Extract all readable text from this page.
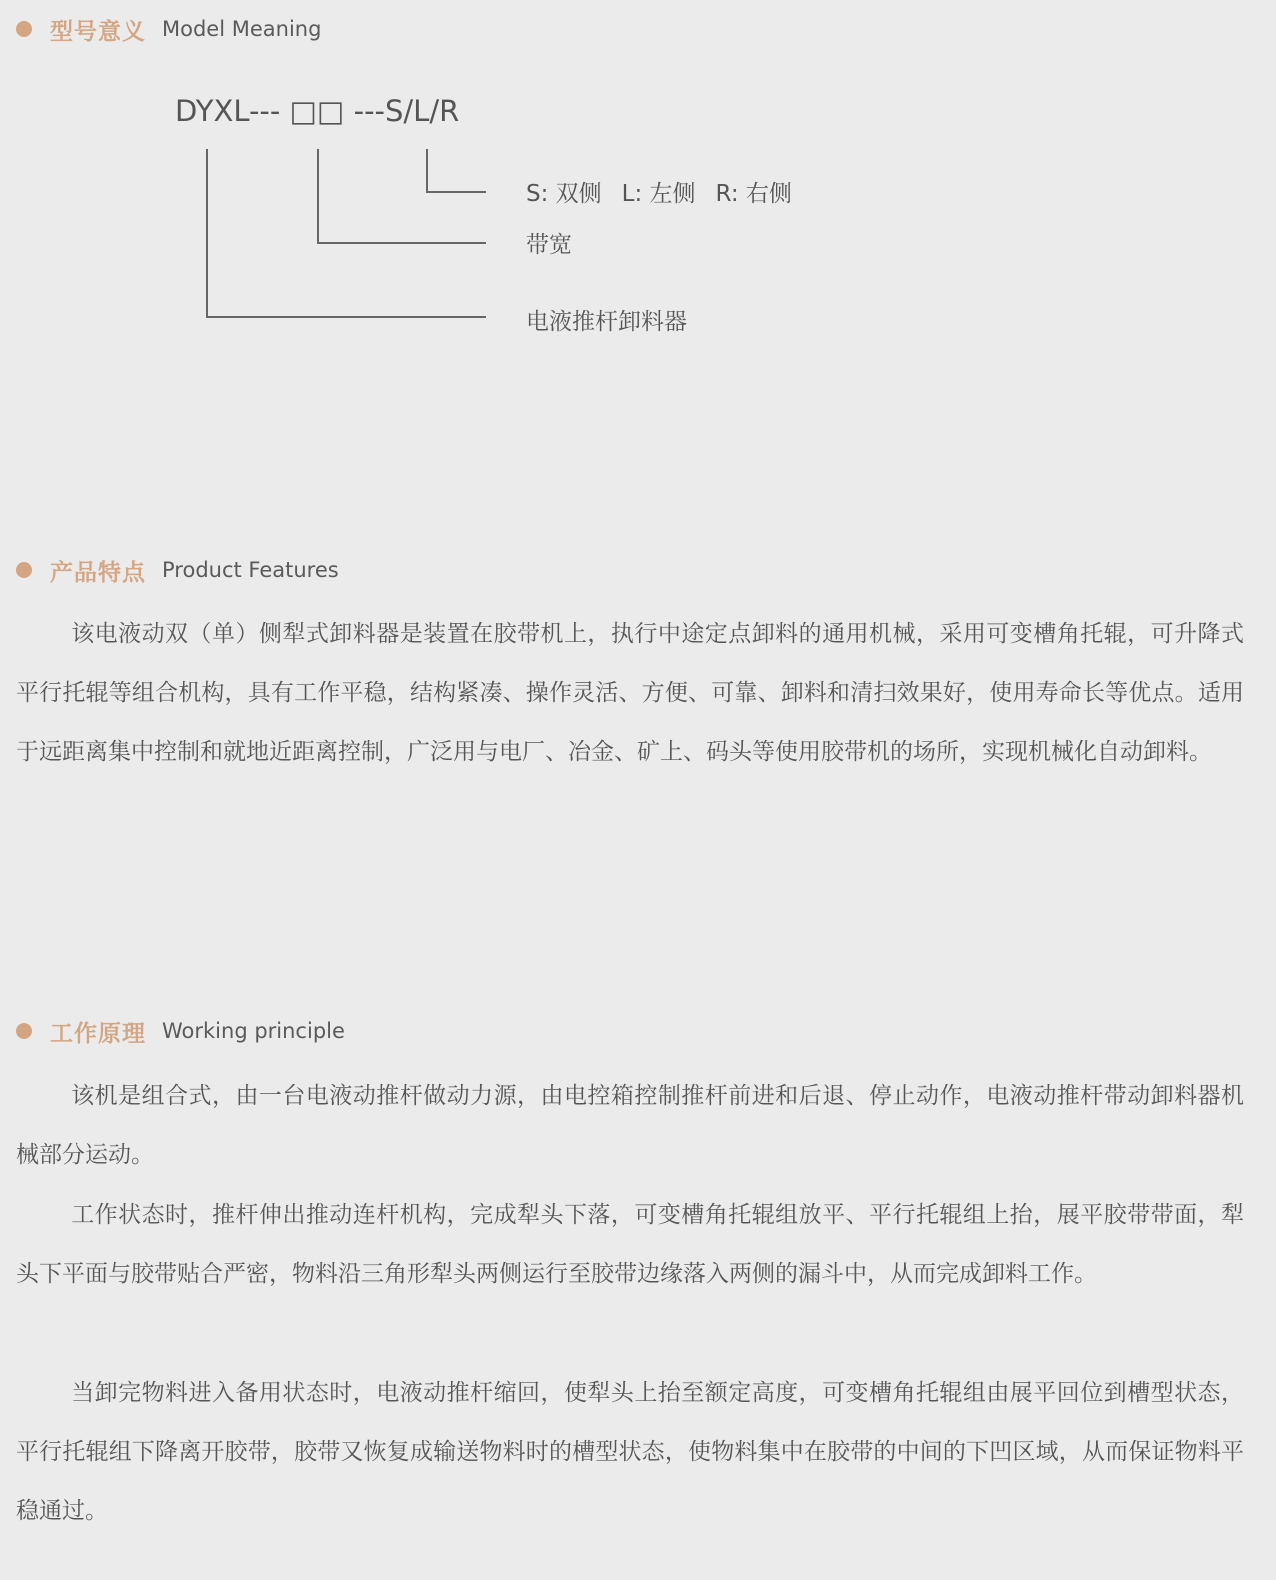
型号意义 Model Meaning
DYXL--- □□ ---S/L/R
S: 双侧 L: 左侧 R: 右侧
带宽
电液推杆卸料器
产品特点 Product Features

该电液动双（单）侧犁式卸料器是装置在胶带机上，执行中途定点卸料的通用机械，采用可变槽角托辊，可升降式平行托辊等组合机构，具有工作平稳，结构紧凑、操作灵活、方便、可靠、卸料和清扫效果好，使用寿命长等优点。适用于远距离集中控制和就地近距离控制，广泛用与电厂、冶金、矿上、码头等使用胶带机的场所，实现机械化自动卸料。

工作原理 Working principle

该机是组合式，由一台电液动推杆做动力源，由电控箱控制推杆前进和后退、停止动作，电液动推杆带动卸料器机械部分运动。

工作状态时，推杆伸出推动连杆机构，完成犁头下落，可变槽角托辊组放平、平行托辊组上抬，展平胶带带面，犁头下平面与胶带贴合严密，物料沿三角形犁头两侧运行至胶带边缘落入两侧的漏斗中，从而完成卸料工作。

当卸完物料进入备用状态时，电液动推杆缩回，使犁头上抬至额定高度，可变槽角托辊组由展平回位到槽型状态，平行托辊组下降离开胶带，胶带又恢复成输送物料时的槽型状态，使物料集中在胶带的中间的下凹区域，从而保证物料平稳通过。
